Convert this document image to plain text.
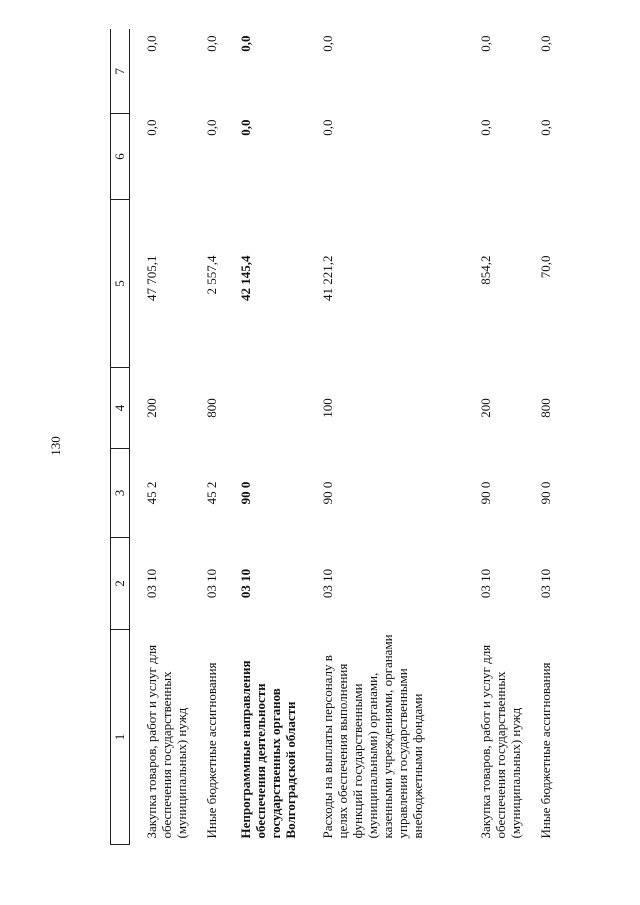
130
1	2	3	4	5	6	7
Закупка товаров, работ и услуг для обеспечения государственных (муниципальных) нужд	03 10	45 2	200	47 705,1	0,0	0,0
Иные бюджетные ассигнования	03 10	45 2	800	2 557,4	0,0	0,0
Непрограммные направления обеспечения деятельности государственных органов Волгоградской области	03 10	90 0		42 145,4	0,0	0,0
Расходы на выплаты персоналу в целях обеспечения выполнения функций государственными (муниципальными) органами, казенными учреждениями, органами управления государственными внебюджетными фондами	03 10	90 0	100	41 221,2	0,0	0,0
Закупка товаров, работ и услуг для обеспечения государственных (муниципальных) нужд	03 10	90 0	200	854,2	0,0	0,0
Иные бюджетные ассигнования	03 10	90 0	800	70,0	0,0	0,0
